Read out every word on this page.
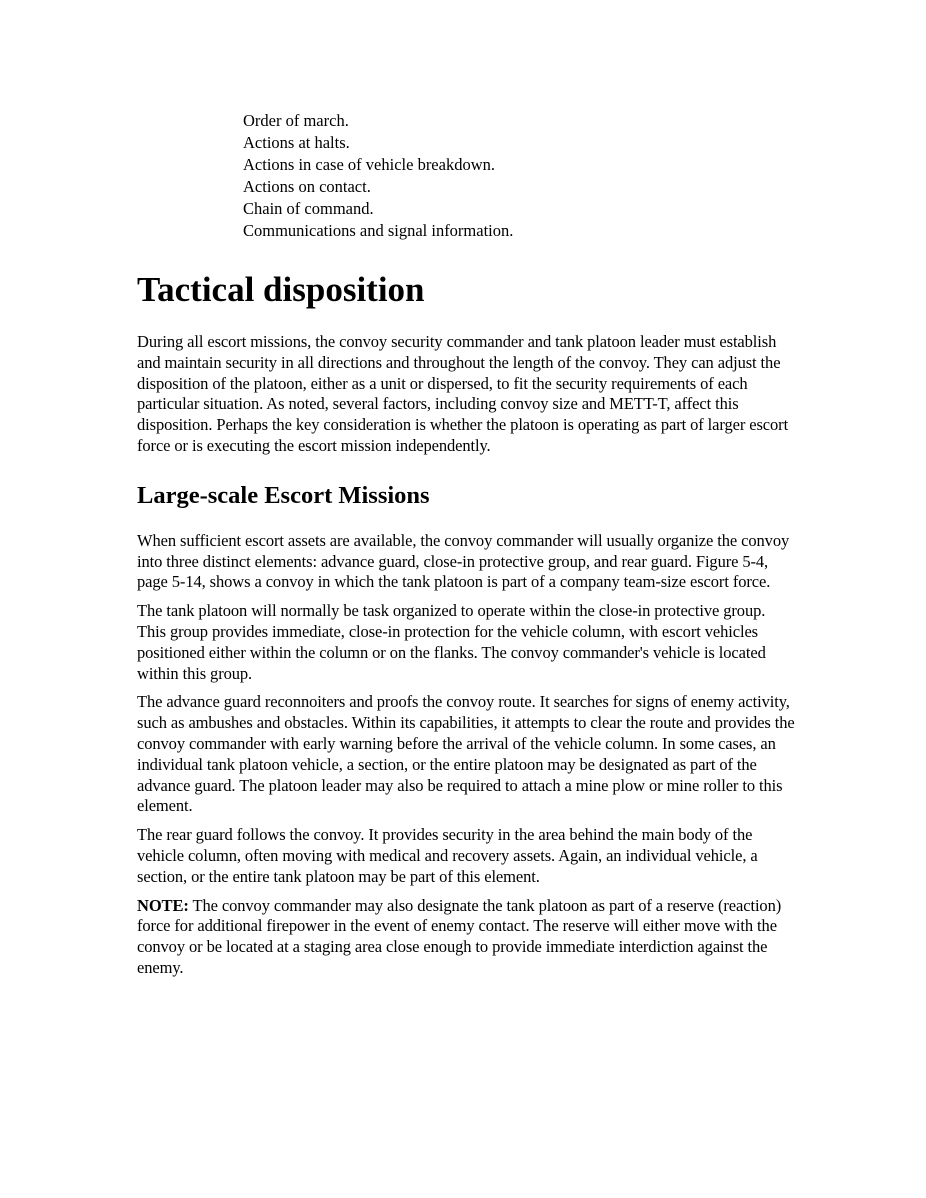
Order of march.
Actions at halts.
Actions in case of vehicle breakdown.
Actions on contact.
Chain of command.
Communications and signal information.
Tactical disposition

During all escort missions, the convoy security commander and tank platoon leader must establish and maintain security in all directions and throughout the length of the convoy. They can adjust the disposition of the platoon, either as a unit or dispersed, to fit the security requirements of each particular situation. As noted, several factors, including convoy size and METT-T, affect this disposition. Perhaps the key consideration is whether the platoon is operating as part of larger escort force or is executing the escort mission independently.

Large-scale Escort Missions

When sufficient escort assets are available, the convoy commander will usually organize the convoy into three distinct elements: advance guard, close-in protective group, and rear guard. Figure 5-4, page 5-14, shows a convoy in which the tank platoon is part of a company team-size escort force.

The tank platoon will normally be task organized to operate within the close-in protective group. This group provides immediate, close-in protection for the vehicle column, with escort vehicles positioned either within the column or on the flanks. The convoy commander's vehicle is located within this group.

The advance guard reconnoiters and proofs the convoy route. It searches for signs of enemy activity, such as ambushes and obstacles. Within its capabilities, it attempts to clear the route and provides the convoy commander with early warning before the arrival of the vehicle column. In some cases, an individual tank platoon vehicle, a section, or the entire platoon may be designated as part of the advance guard. The platoon leader may also be required to attach a mine plow or mine roller to this element.

The rear guard follows the convoy. It provides security in the area behind the main body of the vehicle column, often moving with medical and recovery assets. Again, an individual vehicle, a section, or the entire tank platoon may be part of this element.

NOTE: The convoy commander may also designate the tank platoon as part of a reserve (reaction) force for additional firepower in the event of enemy contact. The reserve will either move with the convoy or be located at a staging area close enough to provide immediate interdiction against the enemy.
